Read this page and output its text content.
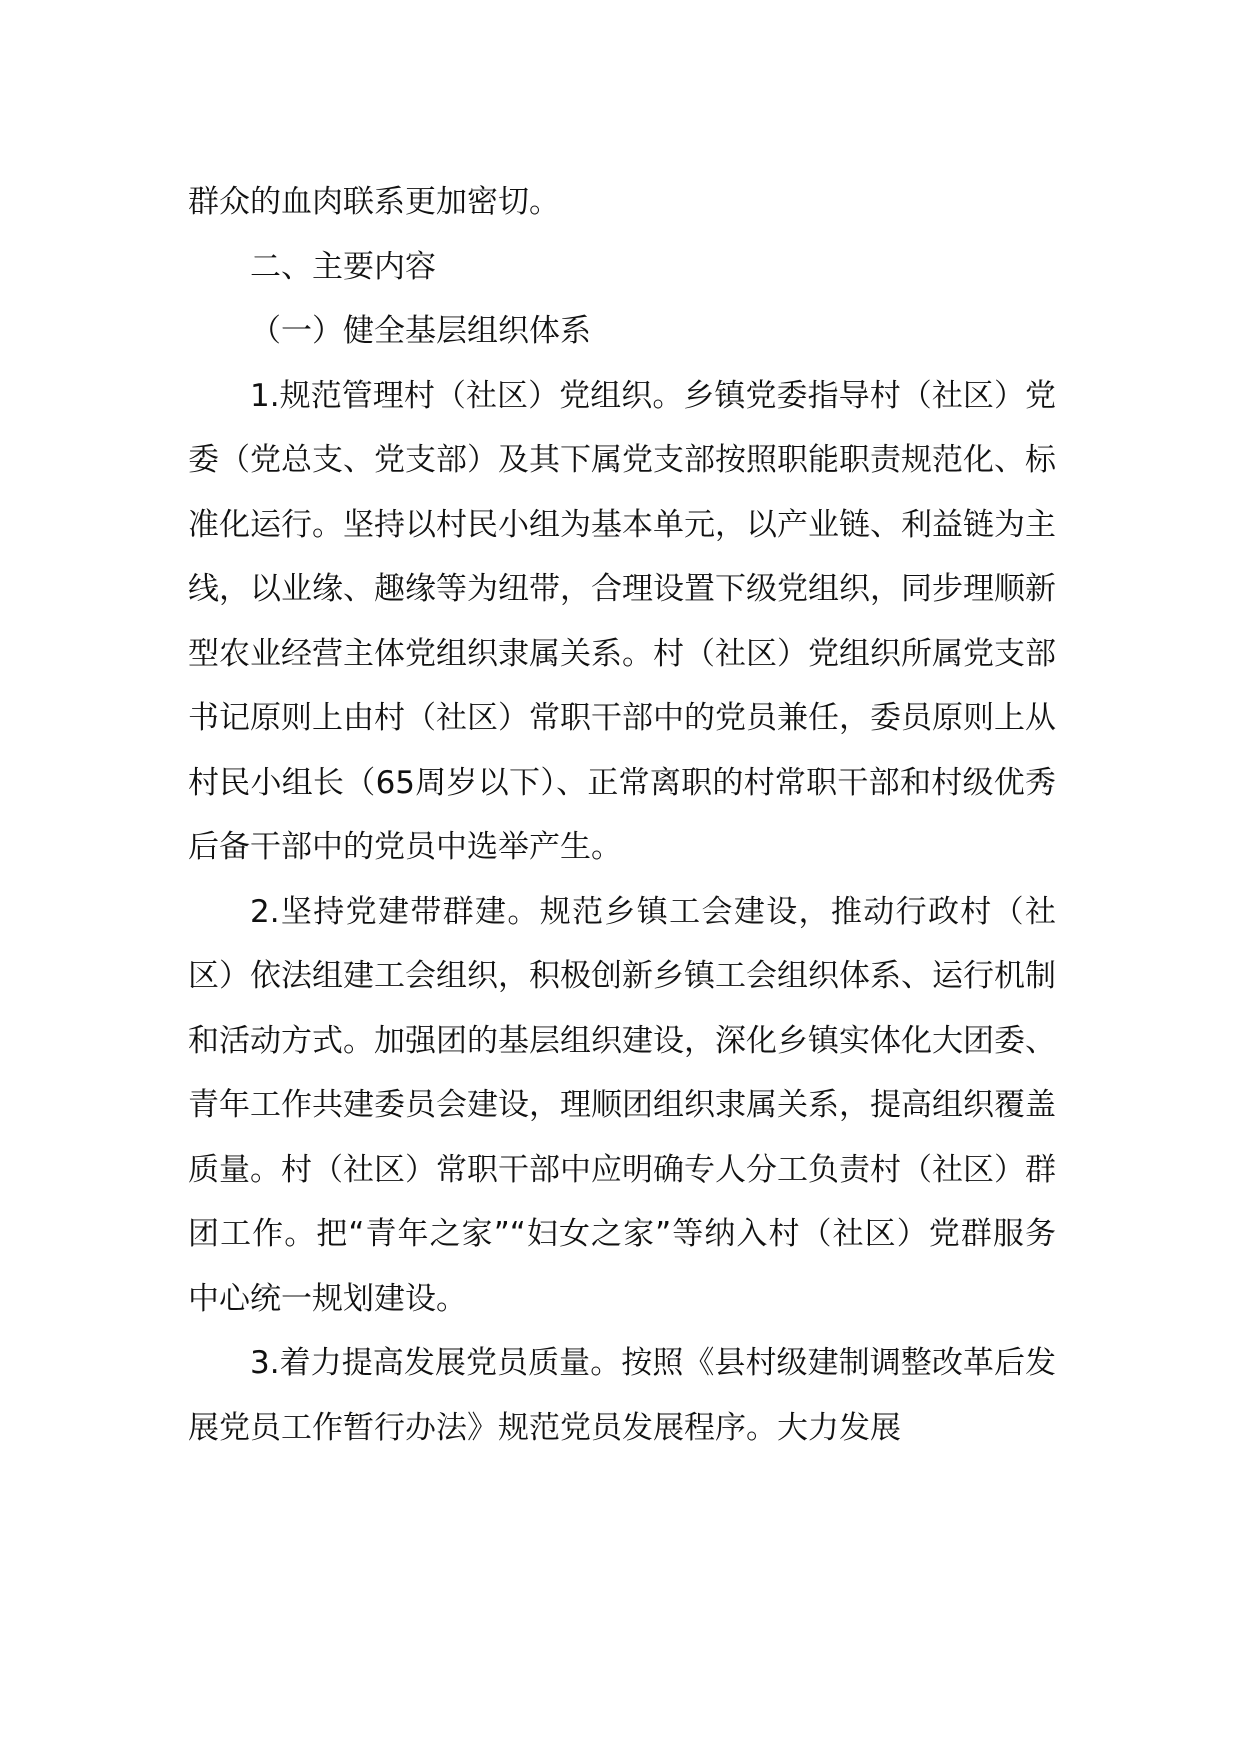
群众的血肉联系更加密切。

二、主要内容

（一）健全基层组织体系

1.规范管理村（社区）党组织。乡镇党委指导村（社区）党委（党总支、党支部）及其下属党支部按照职能职责规范化、标准化运行。坚持以村民小组为基本单元，以产业链、利益链为主线，以业缘、趣缘等为纽带，合理设置下级党组织，同步理顺新型农业经营主体党组织隶属关系。村（社区）党组织所属党支部书记原则上由村（社区）常职干部中的党员兼任，委员原则上从村民小组长（65周岁以下）、正常离职的村常职干部和村级优秀后备干部中的党员中选举产生。

2.坚持党建带群建。规范乡镇工会建设，推动行政村（社区）依法组建工会组织，积极创新乡镇工会组织体系、运行机制和活动方式。加强团的基层组织建设，深化乡镇实体化大团委、青年工作共建委员会建设，理顺团组织隶属关系，提高组织覆盖质量。村（社区）常职干部中应明确专人分工负责村（社区）群团工作。把“青年之家”“妇女之家”等纳入村（社区）党群服务中心统一规划建设。

3.着力提高发展党员质量。按照《县村级建制调整改革后发展党员工作暂行办法》规范党员发展程序。大力发展
